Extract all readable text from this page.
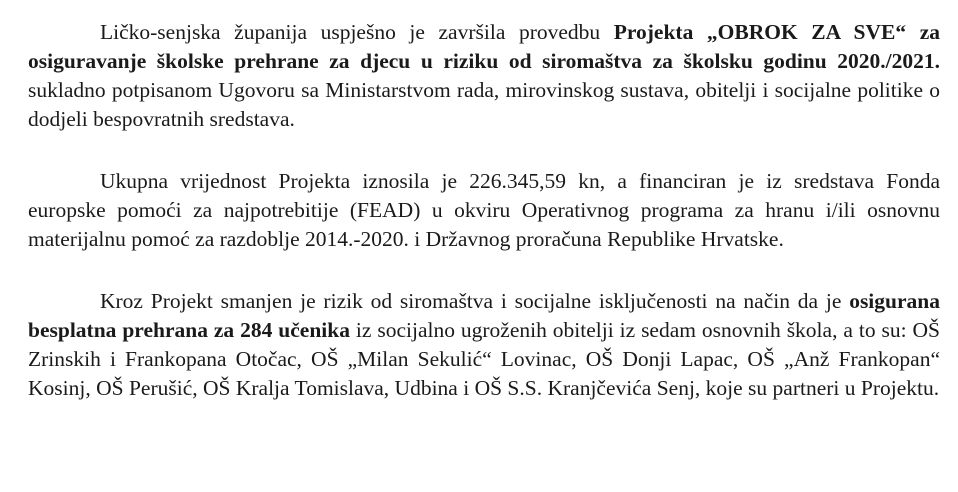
Ličko-senjska županija uspješno je završila provedbu Projekta „OBROK ZA SVE“ za osiguravanje školske prehrane za djecu u riziku od siromaštva za školsku godinu 2020./2021. sukladno potpisanom Ugovoru sa Ministarstvom rada, mirovinskog sustava, obitelji i socijalne politike o dodjeli bespovratnih sredstava.

Ukupna vrijednost Projekta iznosila je 226.345,59 kn, a financiran je iz sredstava Fonda europske pomoći za najpotrebitije (FEAD) u okviru Operativnog programa za hranu i/ili osnovnu materijalnu pomoć za razdoblje 2014.-2020. i Državnog proračuna Republike Hrvatske.

Kroz Projekt smanjen je rizik od siromaštva i socijalne isključenosti na način da je osigurana besplatna prehrana za 284 učenika iz socijalno ugroženih obitelji iz sedam osnovnih škola, a to su: OŠ Zrinskih i Frankopana Otočac, OŠ „Milan Sekulić“ Lovinac, OŠ Donji Lapac, OŠ „Anž Frankopan“ Kosinj, OŠ Perušić, OŠ Kralja Tomislava, Udbina i OŠ S.S. Kranjčevića Senj, koje su partneri u Projektu.
